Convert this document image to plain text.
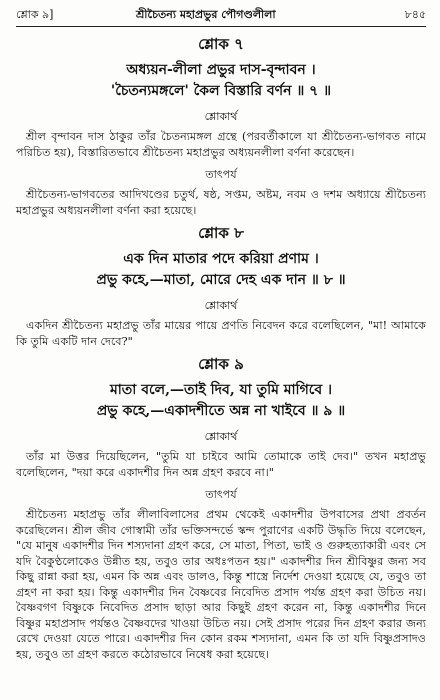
শ্লোক ৯]	শ্রীচৈতন্য মহাপ্রভুর পৌগণ্ডলীলা	৮৪৫
শ্লোক ৭
অধ্যয়ন-লীলা প্রভুর দাস-বৃন্দাবন ।
'চৈতন্যমঙ্গলে' কৈল বিস্তারি বর্ণন ॥ ৭ ॥
শ্লোকার্থ
শ্রীল বৃন্দাবন দাস ঠাকুর তাঁর চৈতন্যমঙ্গল গ্রন্থে (পরবর্তীকালে যা শ্রীচৈতন্য-ভাগবত নামে পরিচিত হয়), বিস্তারিতভাবে শ্রীচৈতন্য মহাপ্রভুর অধ্যয়নলীলা বর্ণনা করেছেন।
তাৎপর্য
শ্রীচৈতন্য-ভাগবতের আদিখণ্ডের চতুর্থ, ষষ্ঠ, সপ্তম, অষ্টম, নবম ও দশম অধ্যায়ে শ্রীচৈতন্য মহাপ্রভুর অধ্যয়নলীলা বর্ণনা করা হয়েছে।
শ্লোক ৮
এক দিন মাতার পদে করিয়া প্রণাম ।
প্রভু কহে,—মাতা, মোরে দেহ এক দান ॥ ৮ ॥
শ্লোকার্থ
একদিন শ্রীচৈতন্য মহাপ্রভু তাঁর মায়ের পায়ে প্রণতি নিবেদন করে বলেছিলেন, "মা! আমাকে কি তুমি একটি দান দেবে?"
শ্লোক ৯
মাতা বলে,—তাই দিব, যা তুমি মাগিবে ।
প্রভু কহে,—একাদশীতে অন্ন না খাইবে ॥ ৯ ॥
শ্লোকার্থ
তাঁর মা উত্তর দিয়েছিলেন, "তুমি যা চাইবে আমি তোমাকে তাই দেব।" তখন মহাপ্রভু বলেছিলেন, "দয়া করে একাদশীর দিন অন্ন গ্রহণ করবে না।"
তাৎপর্য
শ্রীচৈতন্য মহাপ্রভু তাঁর লীলাবিলাসের প্রথম থেকেই একাদশীর উপবাসের প্রথা প্রবর্তন করেছিলেন। শ্রীল জীব গোস্বামী তাঁর ভক্তিসন্দর্ভে স্কন্দ পুরাণের একটি উদ্ধৃতি দিয়ে বলেছেন, "যে মানুষ একাদশীর দিন শস্যদানা গ্রহণ করে, সে মাতা, পিতা, ভাই ও গুরুহত্যাকারী এবং সে যদি বৈকুণ্ঠলোকেও উন্নীত হয়, তবুও তার অধঃপতন হয়।" একাদশীর দিন শ্রীবিষ্ণুর জন্য সব কিছু রান্না করা হয়, এমন কি অন্ন এবং ডালও, কিন্তু শাস্ত্রে নির্দেশ দেওয়া হয়েছে যে, তবুও তা গ্রহণ না করা হয়। কিন্তু একাদশীর দিন বৈষ্ণবের নিবেদিত প্রসাদ পর্যন্ত গ্রহণ করা উচিত নয়। বৈষ্ণবগণ বিষ্ণুকে নিবেদিত প্রসাদ ছাড়া আর কিছুই গ্রহণ করেন না, কিন্তু একাদশীর দিনে বিষ্ণুর মহাপ্রসাদ পর্যন্তও বৈষ্ণবদের খাওয়া উচিত নয়। সেই প্রসাদ পরের দিন গ্রহণ করার জন্য রেখে দেওয়া যেতে পারে। একাদশীর দিন কোন রকম শস্যদানা, এমন কি তা যদি বিষ্ণুপ্রসাদও হয়, তবুও তা গ্রহণ করতে কঠোরভাবে নিষেধ করা হয়েছে।
